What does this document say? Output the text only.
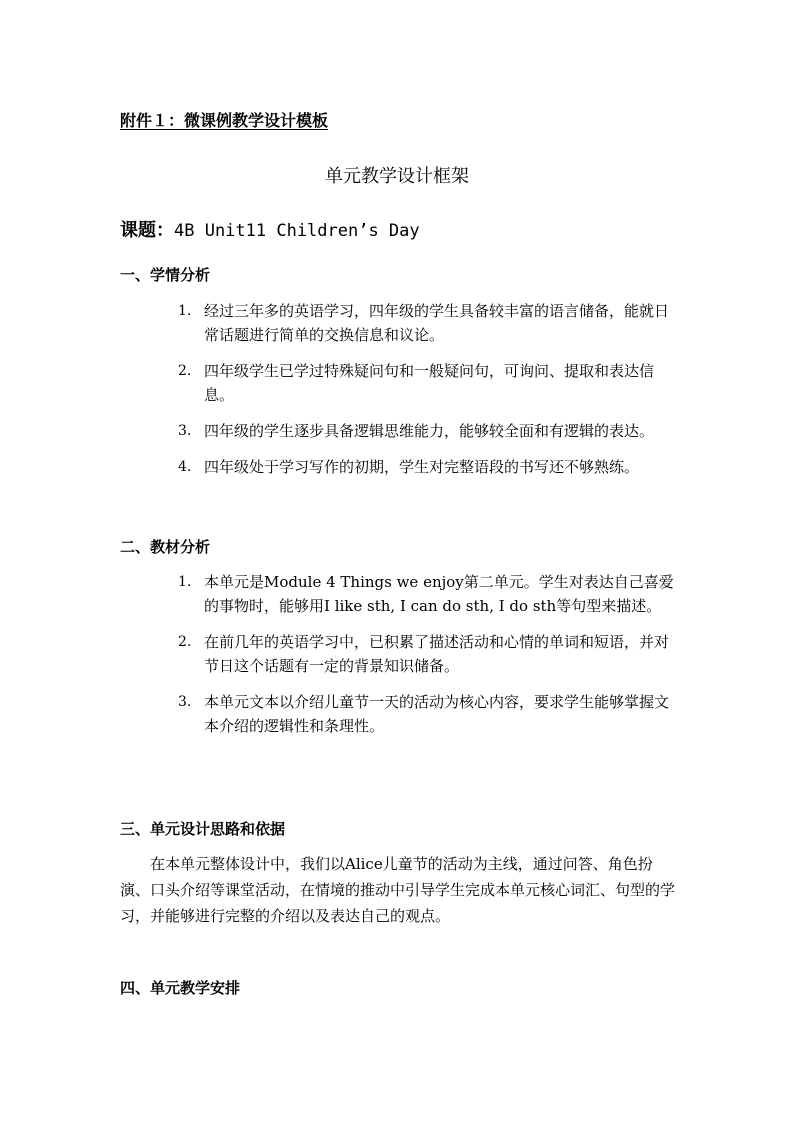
附件１：微课例教学设计模板

单元教学设计框架

课题：4B Unit11 Children’s Day

一、学情分析
1. 经过三年多的英语学习，四年级的学生具备较丰富的语言储备，能就日常话题进行简单的交换信息和议论。
2. 四年级学生已学过特殊疑问句和一般疑问句，可询问、提取和表达信息。
3. 四年级的学生逐步具备逻辑思维能力，能够较全面和有逻辑的表达。
4. 四年级处于学习写作的初期，学生对完整语段的书写还不够熟练。
二、教材分析
1. 本单元是Module 4 Things we enjoy第二单元。学生对表达自己喜爱的事物时，能够用I like sth, I can do sth, I do sth等句型来描述。
2. 在前几年的英语学习中，已积累了描述活动和心情的单词和短语，并对节日这个话题有一定的背景知识储备。
3. 本单元文本以介绍儿童节一天的活动为核心内容，要求学生能够掌握文本介绍的逻辑性和条理性。
三、单元设计思路和依据

在本单元整体设计中，我们以Alice儿童节的活动为主线，通过问答、角色扮演、口头介绍等课堂活动，在情境的推动中引导学生完成本单元核心词汇、句型的学习，并能够进行完整的介绍以及表达自己的观点。

四、单元教学安排
